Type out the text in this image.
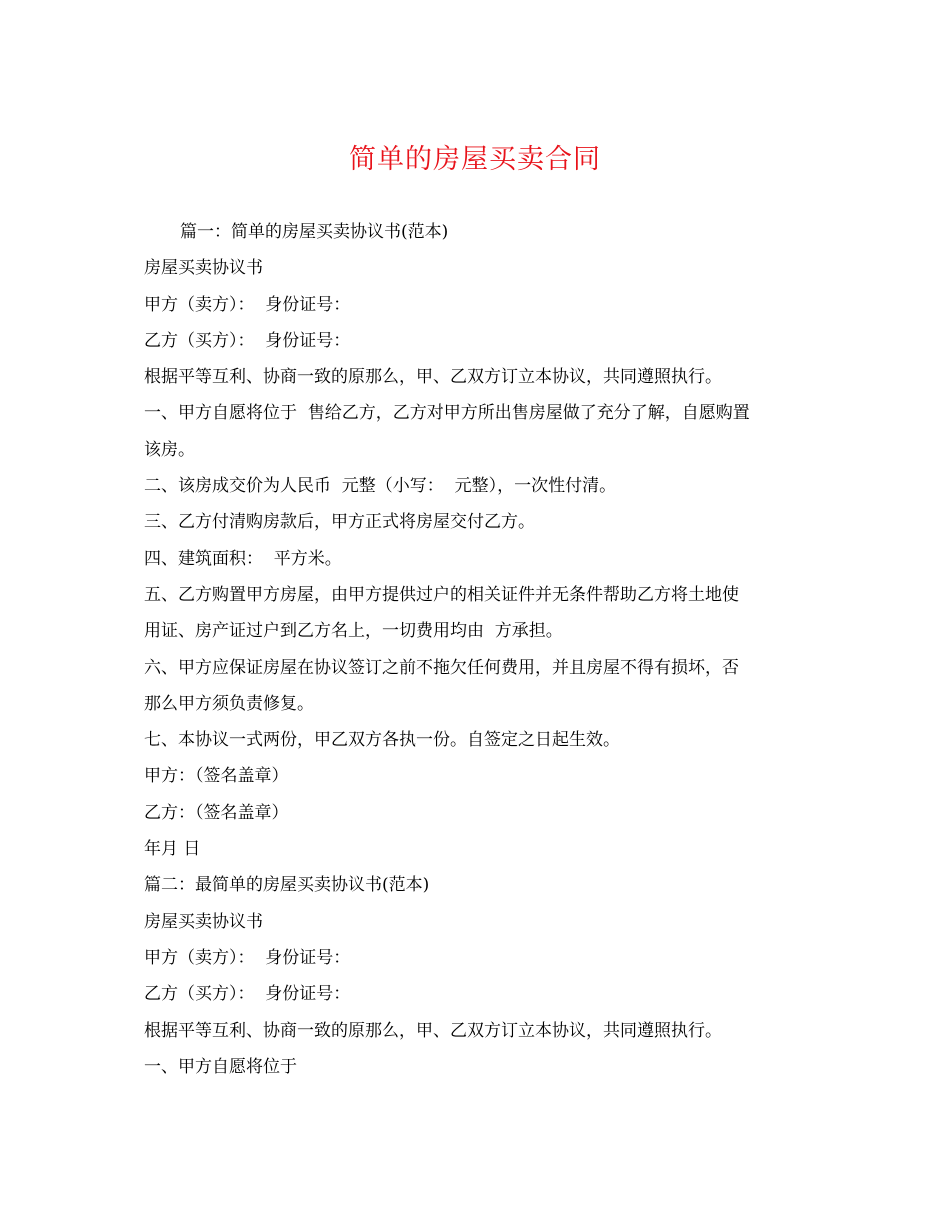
简单的房屋买卖合同

篇一：简单的房屋买卖协议书(范本)

房屋买卖协议书

甲方（卖方）：  身份证号：

乙方（买方）：  身份证号：

根据平等互利、协商一致的原那么，甲、乙双方订立本协议，共同遵照执行。

一、甲方自愿将位于  售给乙方，乙方对甲方所出售房屋做了充分了解，自愿购置

该房。

二、该房成交价为人民币  元整（小写：  元整），一次性付清。

三、乙方付清购房款后，甲方正式将房屋交付乙方。

四、建筑面积：  平方米。

五、乙方购置甲方房屋，由甲方提供过户的相关证件并无条件帮助乙方将土地使

用证、房产证过户到乙方名上，一切费用均由  方承担。

六、甲方应保证房屋在协议签订之前不拖欠任何费用，并且房屋不得有损坏，否

那么甲方须负责修复。

七、本协议一式两份，甲乙双方各执一份。自签定之日起生效。

甲方：（签名盖章）

乙方：（签名盖章）

年月 日

篇二：最简单的房屋买卖协议书(范本)

房屋买卖协议书

甲方（卖方）：  身份证号：

乙方（买方）：  身份证号：

根据平等互利、协商一致的原那么，甲、乙双方订立本协议，共同遵照执行。

一、甲方自愿将位于
